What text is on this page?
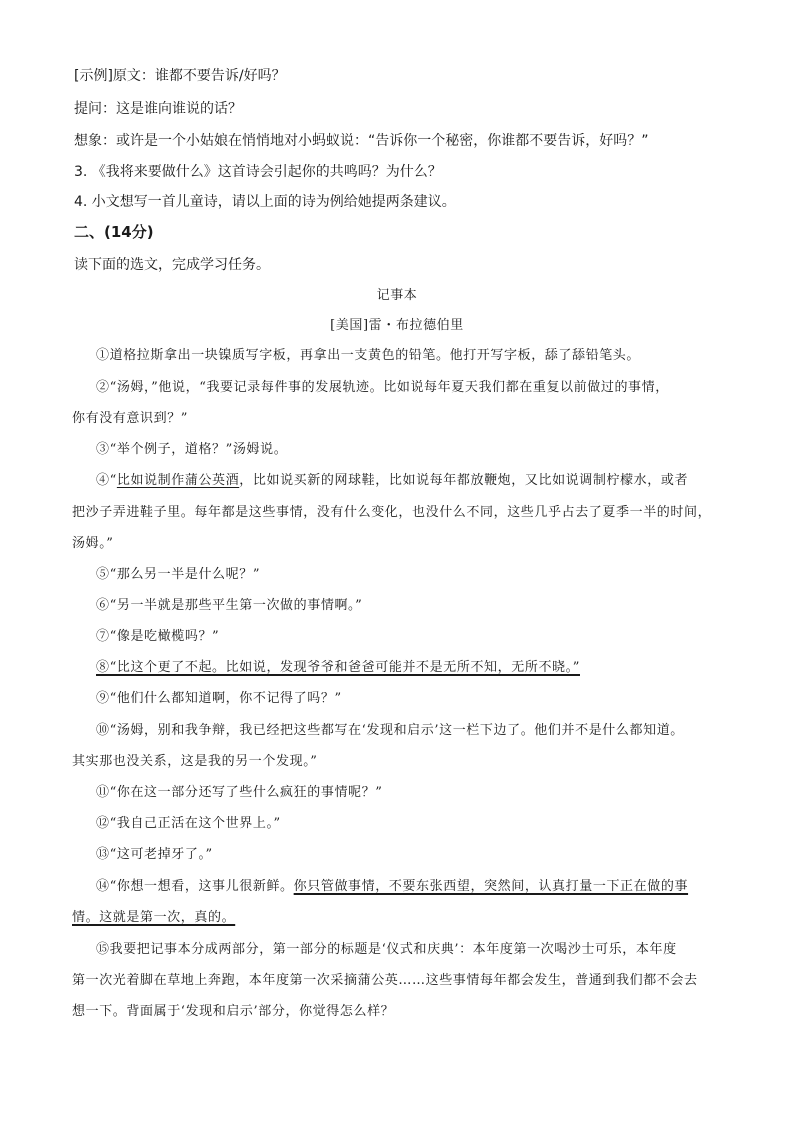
[示例]原文：谁都不要告诉/好吗？
提问：这是谁向谁说的话？
想象：或许是一个小姑娘在悄悄地对小蚂蚁说：“告诉你一个秘密，你谁都不要告诉，好吗？”
3. 《我将来要做什么》这首诗会引起你的共鸣吗？为什么？
4. 小文想写一首儿童诗，请以上面的诗为例给她提两条建议。
二、(14分)
读下面的选文，完成学习任务。
记事本
[美国]雷・布拉德伯里
①道格拉斯拿出一块镍质写字板，再拿出一支黄色的铅笔。他打开写字板，舔了舔铅笔头。
②“汤姆，”他说，“我要记录每件事的发展轨迹。比如说每年夏天我们都在重复以前做过的事情，
你有没有意识到？”
③“举个例子，道格？”汤姆说。
④“比如说制作蒲公英酒，比如说买新的网球鞋，比如说每年都放鞭炮，又比如说调制柠檬水，或者
把沙子弄进鞋子里。每年都是这些事情，没有什么变化，也没什么不同，这些几乎占去了夏季一半的时间，
汤姆。”
⑤“那么另一半是什么呢？”
⑥“另一半就是那些平生第一次做的事情啊。”
⑦“像是吃橄榄吗？”
⑧“比这个更了不起。比如说，发现爷爷和爸爸可能并不是无所不知，无所不晓。”
⑨“他们什么都知道啊，你不记得了吗？”
⑩“汤姆，别和我争辩，我已经把这些都写在‘发现和启示’这一栏下边了。他们并不是什么都知道。
其实那也没关系，这是我的另一个发现。”
⑪“你在这一部分还写了些什么疯狂的事情呢？”
⑫“我自己正活在这个世界上。”
⑬“这可老掉牙了。”
⑭“你想一想看，这事儿很新鲜。你只管做事情，不要东张西望，突然间，认真打量一下正在做的事
情。这就是第一次，真的。
⑮我要把记事本分成两部分，第一部分的标题是‘仪式和庆典’：本年度第一次喝沙士可乐，本年度
第一次光着脚在草地上奔跑，本年度第一次采摘蒲公英……这些事情每年都会发生，普通到我们都不会去
想一下。背面属于‘发现和启示’部分，你觉得怎么样？
